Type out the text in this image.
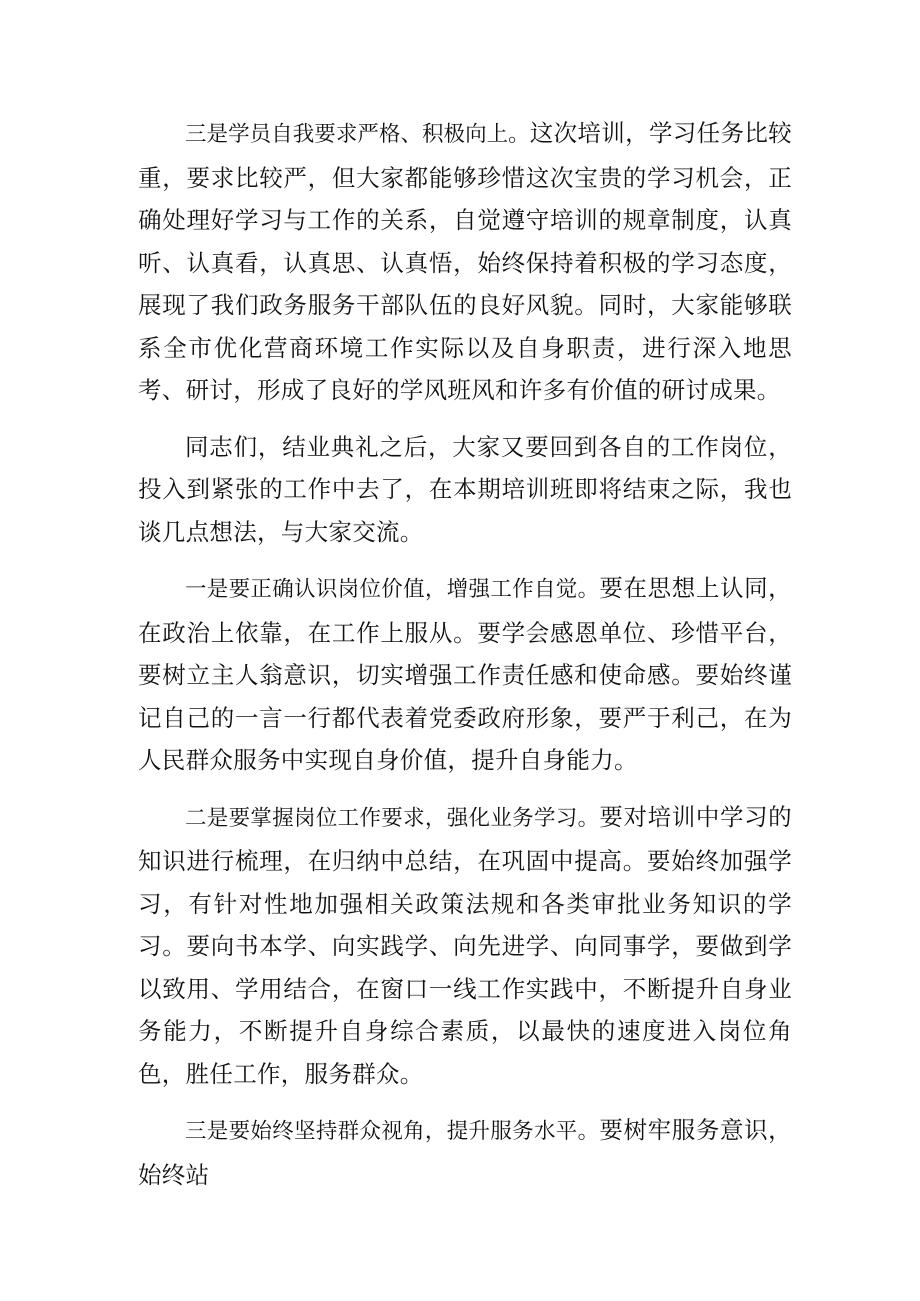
三是学员自我要求严格、积极向上。这次培训，学习任务比较重，要求比较严，但大家都能够珍惜这次宝贵的学习机会，正确处理好学习与工作的关系，自觉遵守培训的规章制度，认真听、认真看，认真思、认真悟，始终保持着积极的学习态度，展现了我们政务服务干部队伍的良好风貌。同时，大家能够联系全市优化营商环境工作实际以及自身职责，进行深入地思考、研讨，形成了良好的学风班风和许多有价值的研讨成果。

同志们，结业典礼之后，大家又要回到各自的工作岗位，投入到紧张的工作中去了，在本期培训班即将结束之际，我也谈几点想法，与大家交流。

一是要正确认识岗位价值，增强工作自觉。要在思想上认同，在政治上依靠，在工作上服从。要学会感恩单位、珍惜平台，要树立主人翁意识，切实增强工作责任感和使命感。要始终谨记自己的一言一行都代表着党委政府形象，要严于利己，在为人民群众服务中实现自身价值，提升自身能力。

二是要掌握岗位工作要求，强化业务学习。要对培训中学习的知识进行梳理，在归纳中总结，在巩固中提高。要始终加强学习，有针对性地加强相关政策法规和各类审批业务知识的学习。要向书本学、向实践学、向先进学、向同事学，要做到学以致用、学用结合，在窗口一线工作实践中，不断提升自身业务能力，不断提升自身综合素质，以最快的速度进入岗位角色，胜任工作，服务群众。

三是要始终坚持群众视角，提升服务水平。要树牢服务意识，始终站
